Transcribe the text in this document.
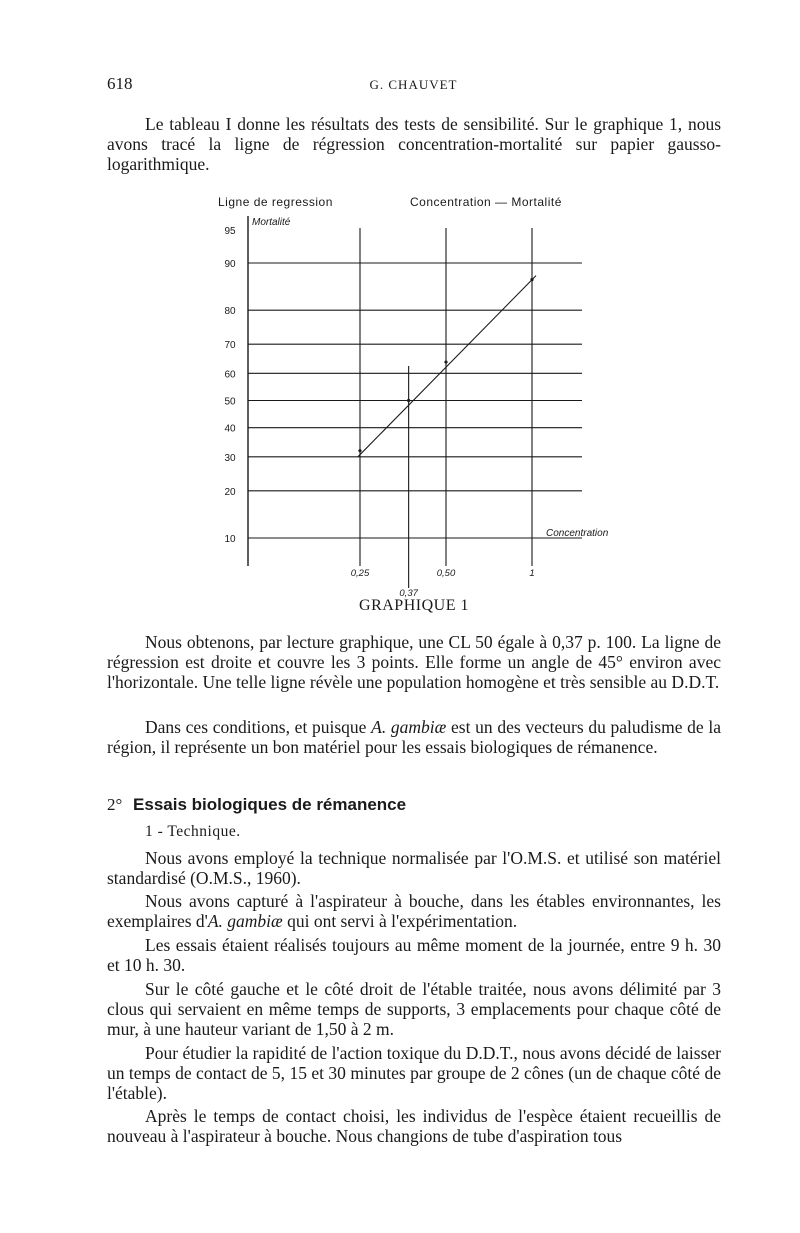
618	G. CHAUVET

Le tableau I donne les résultats des tests de sensibilité. Sur le graphique 1, nous avons tracé la ligne de régression concentration-mortalité sur papier gausso-logarithmique.

95
90
80
70
60
50
40
30
20
10
0,25
0,37
0,50	1
Ligne de regression	Concentration — Mortalité
Mortalité
Concentration
GRAPHIQUE 1

Nous obtenons, par lecture graphique, une CL 50 égale à 0,37 p. 100. La ligne de régression est droite et couvre les 3 points. Elle forme un angle de 45° environ avec l'horizontale. Une telle ligne révèle une population homogène et très sensible au D.D.T.

Dans ces conditions, et puisque A. gambiæ est un des vecteurs du paludisme de la région, il représente un bon matériel pour les essais biologiques de rémanence.

2° Essais biologiques de rémanence
1 - Technique.

Nous avons employé la technique normalisée par l'O.M.S. et utilisé son matériel standardisé (O.M.S., 1960).

Nous avons capturé à l'aspirateur à bouche, dans les étables environnantes, les exemplaires d'A. gambiæ qui ont servi à l'expérimentation.

Les essais étaient réalisés toujours au même moment de la journée, entre 9 h. 30 et 10 h. 30.

Sur le côté gauche et le côté droit de l'étable traitée, nous avons délimité par 3 clous qui servaient en même temps de supports, 3 emplacements pour chaque côté de mur, à une hauteur variant de 1,50 à 2 m.

Pour étudier la rapidité de l'action toxique du D.D.T., nous avons décidé de laisser un temps de contact de 5, 15 et 30 minutes par groupe de 2 cônes (un de chaque côté de l'étable).

Après le temps de contact choisi, les individus de l'espèce étaient recueillis de nouveau à l'aspirateur à bouche. Nous changions de tube d'aspiration tous
